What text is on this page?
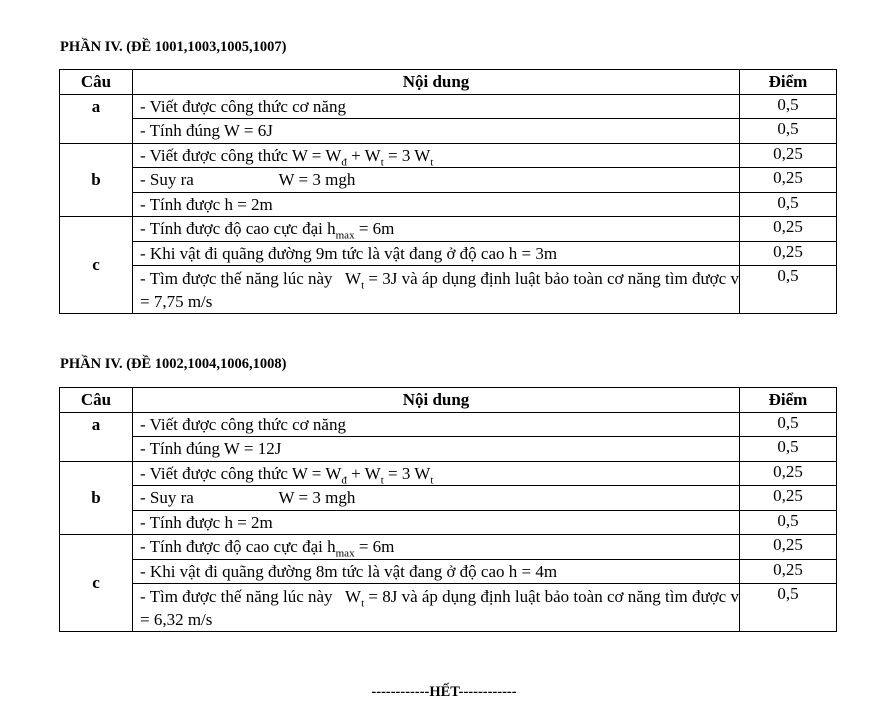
PHẦN IV. (ĐỀ 1001,1003,1005,1007)
Câu	Nội dung	Điểm
a	- Viết được công thức cơ năng	0,5
	- Tính đúng W = 6J	0,5
b	- Viết được công thức $W = W_đ + W_t = 3$ $W_t$	0,25
	- Suy ra                    W = 3 mgh	0,25
	- Tính được h = 2m	0,5
c	- Tính được độ cao cực đại $h_{max} = 6m$	0,25
	- Khi vật đi quãng đường 9m tức là vật đang ở độ cao h = 3m	0,25
	- Tìm được thế năng lúc này   $W_t = 3J$ và áp dụng định luật bảo toàn cơ năng tìm được v = 7,75 m/s	0,5
PHẦN IV. (ĐỀ 1002,1004,1006,1008)
Câu	Nội dung	Điểm
a	- Viết được công thức cơ năng	0,5
	- Tính đúng W = 12J	0,5
b	- Viết được công thức $W = W_đ + W_t = 3$ $W_t$	0,25
	- Suy ra                    W = 3 mgh	0,25
	- Tính được h = 2m	0,5
c	- Tính được độ cao cực đại $h_{max} = 6m$	0,25
	- Khi vật đi quãng đường 8m tức là vật đang ở độ cao h = 4m	0,25
	- Tìm được thế năng lúc này   $W_t = 8J$ và áp dụng định luật bảo toàn cơ năng tìm được v = 6,32 m/s	0,5
------------HẾT------------
